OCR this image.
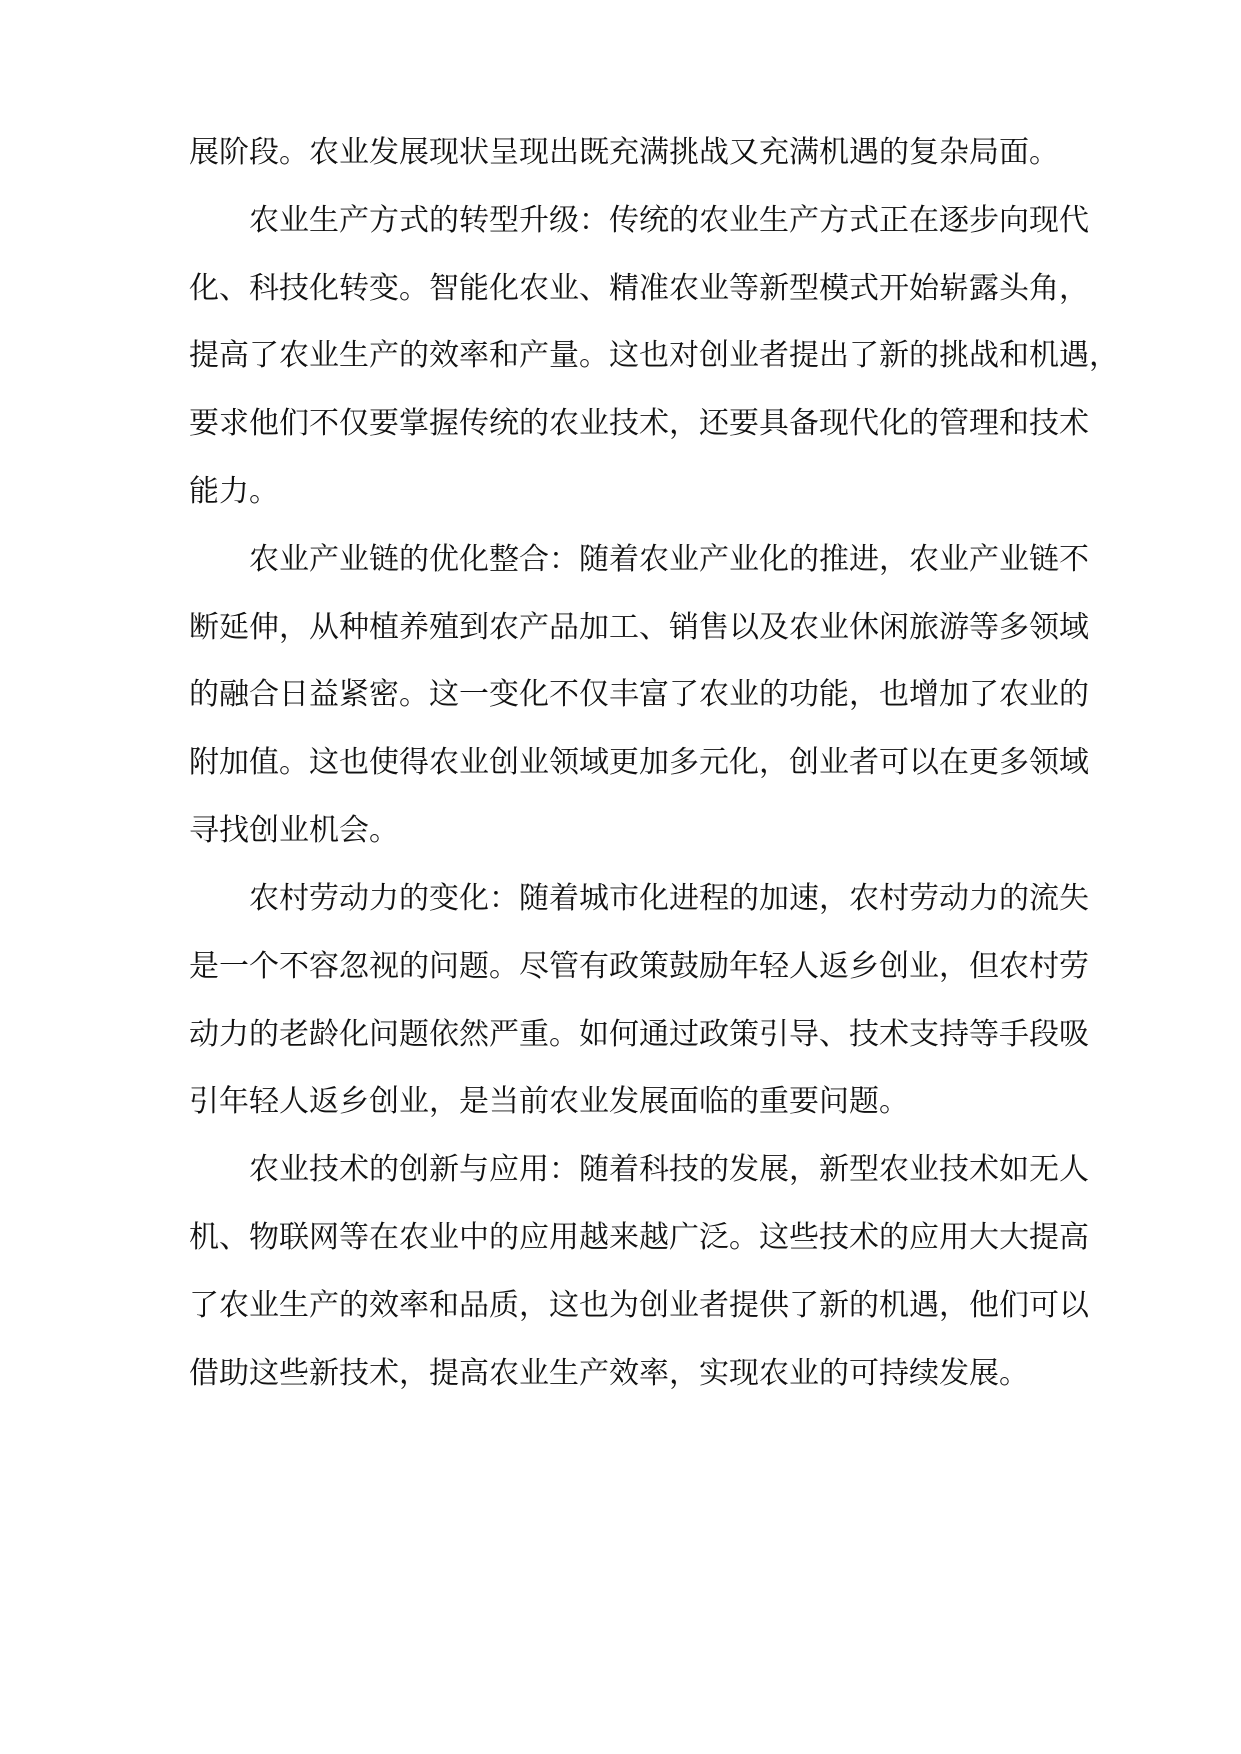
展阶段。农业发展现状呈现出既充满挑战又充满机遇的复杂局面。
农业生产方式的转型升级：传统的农业生产方式正在逐步向现代
化、科技化转变。智能化农业、精准农业等新型模式开始崭露头角，
提高了农业生产的效率和产量。这也对创业者提出了新的挑战和机遇，
要求他们不仅要掌握传统的农业技术，还要具备现代化的管理和技术
能力。
农业产业链的优化整合：随着农业产业化的推进，农业产业链不
断延伸，从种植养殖到农产品加工、销售以及农业休闲旅游等多领域
的融合日益紧密。这一变化不仅丰富了农业的功能，也增加了农业的
附加值。这也使得农业创业领域更加多元化，创业者可以在更多领域
寻找创业机会。
农村劳动力的变化：随着城市化进程的加速，农村劳动力的流失
是一个不容忽视的问题。尽管有政策鼓励年轻人返乡创业，但农村劳
动力的老龄化问题依然严重。如何通过政策引导、技术支持等手段吸
引年轻人返乡创业，是当前农业发展面临的重要问题。
农业技术的创新与应用：随着科技的发展，新型农业技术如无人
机、物联网等在农业中的应用越来越广泛。这些技术的应用大大提高
了农业生产的效率和品质，这也为创业者提供了新的机遇，他们可以
借助这些新技术，提高农业生产效率，实现农业的可持续发展。
